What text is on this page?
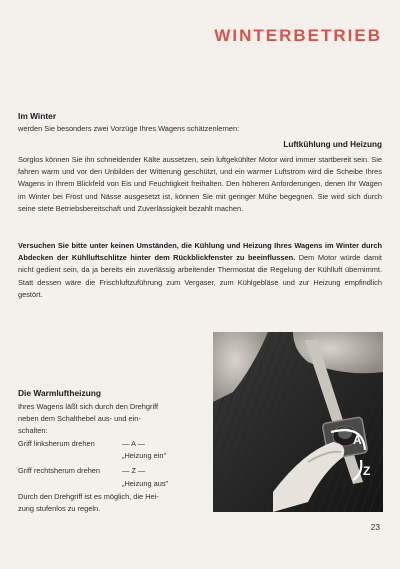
WINTERBETRIEB
Im Winter
werden Sie besonders zwei Vorzüge Ihres Wagens schätzenlernen:
Luftkühlung und Heizung

Sorglos können Sie ihn schneidender Kälte aussetzen, sein luftgekühlter Motor wird immer startbereit sein. Sie fahren warm und vor den Unbilden der Witterung geschützt, und ein warmer Luftstrom wird die Scheibe Ihres Wagens in Ihrem Blickfeld von Eis und Feuchtigkeit freihalten. Den höheren Anforderungen, denen Ihr Wagen im Winter bei Frost und Nässe ausgesetzt ist, können Sie mit geringer Mühe begegnen. Sie wird sich durch seine stete Betriebsbereitschaft und Zuverlässigkeit bezahlt machen.

Versuchen Sie bitte unter keinen Umständen, die Kühlung und Heizung Ihres Wagens im Winter durch Abdecken der Kühlluftschlitze hinter dem Rückblickfenster zu beeinflussen. Dem Motor würde damit nicht gedient sein, da ja bereits ein zuverlässig arbeitender Thermostat die Regelung der Kühlluft übernimmt. Statt dessen wäre die Frischluftzuführung zum Vergaser, zum Kühlgebläse und zur Heizung empfindlich gestört.

Die Warmluftheizung
Ihres Wagens läßt sich durch den Drehgriff
neben dem Schalthebel aus- und ein-
schalten:
Griff linksherum drehen	— A —
„Heizung ein"
Griff rechtsherum drehen	— Z —
„Heizung aus"
Durch den Drehgriff ist es möglich, die Hei-
zung stufenlos zu regeln.
A
Z
23
